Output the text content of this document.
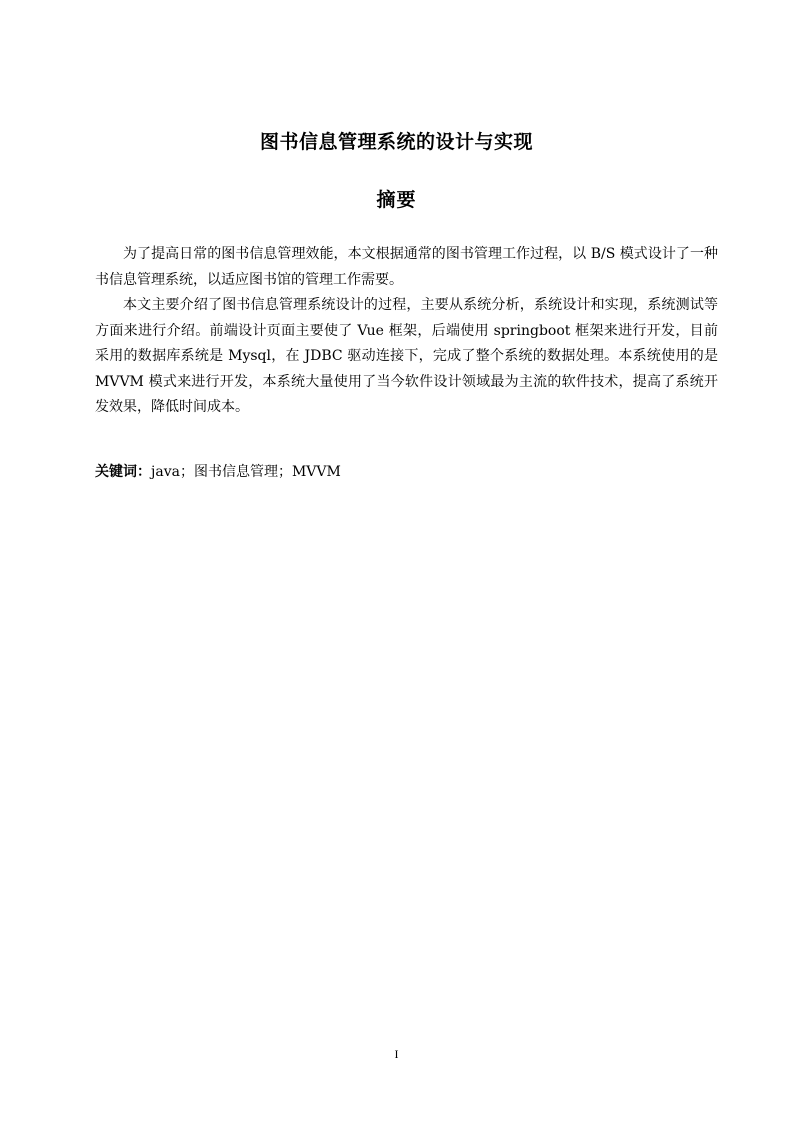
图书信息管理系统的设计与实现
摘要

为了提高日常的图书信息管理效能，本文根据通常的图书管理工作过程，以 B/S 模式设计了一种书信息管理系统，以适应图书馆的管理工作需要。

本文主要介绍了图书信息管理系统设计的过程，主要从系统分析，系统设计和实现，系统测试等方面来进行介绍。前端设计页面主要使了 Vue 框架，后端使用 springboot 框架来进行开发，目前采用的数据库系统是 Mysql，在 JDBC 驱动连接下，完成了整个系统的数据处理。本系统使用的是 MVVM 模式来进行开发，本系统大量使用了当今软件设计领域最为主流的软件技术，提高了系统开发效果，降低时间成本。

关键词：java；图书信息管理；MVVM
I
